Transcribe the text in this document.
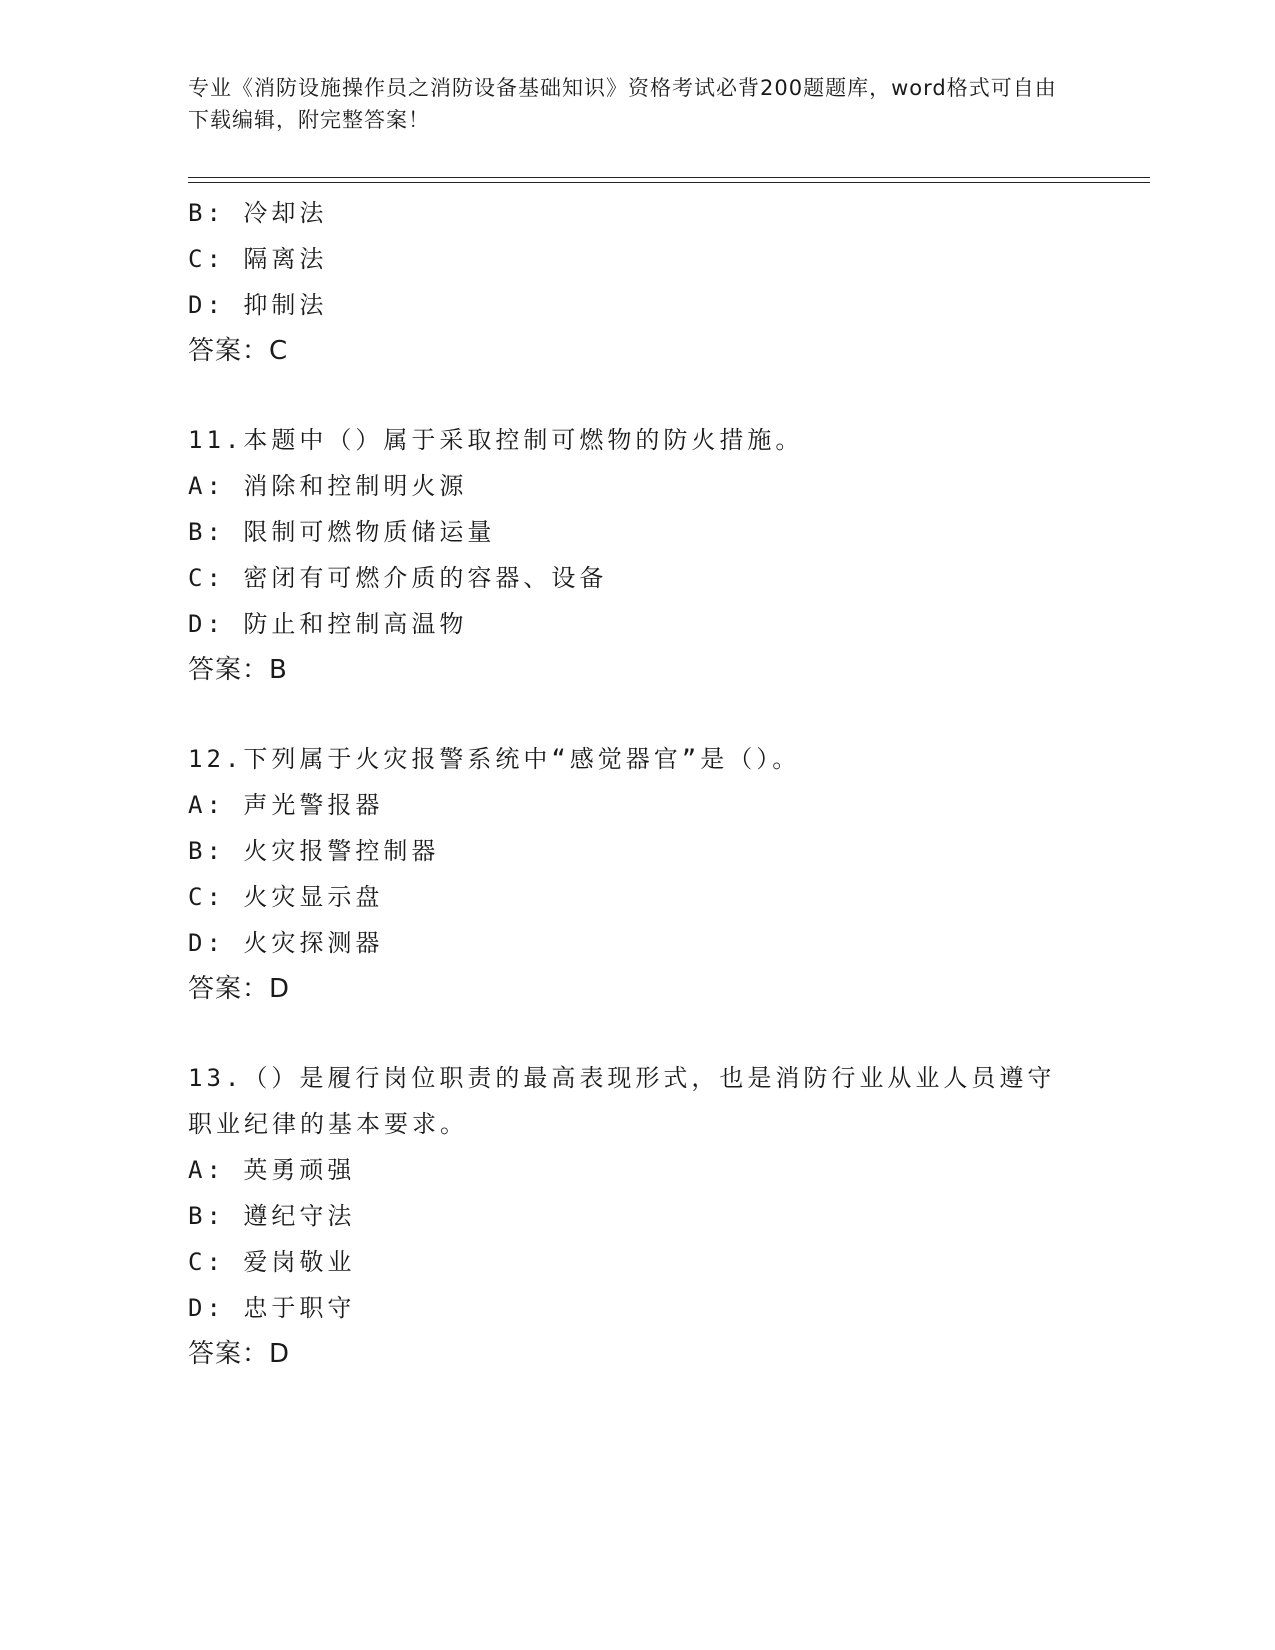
专业《消防设施操作员之消防设备基础知识》资格考试必背200题题库，word格式可自由下载编辑，附完整答案！
B: 冷却法
C: 隔离法
D: 抑制法
答案：C
11.本题中（）属于采取控制可燃物的防火措施。
A: 消除和控制明火源
B: 限制可燃物质储运量
C: 密闭有可燃介质的容器、设备
D: 防止和控制高温物
答案：B
12.下列属于火灾报警系统中“感觉器官”是（）。
A: 声光警报器
B: 火灾报警控制器
C: 火灾显示盘
D: 火灾探测器
答案：D
13.（）是履行岗位职责的最高表现形式，也是消防行业从业人员遵守
职业纪律的基本要求。
A: 英勇顽强
B: 遵纪守法
C: 爱岗敬业
D: 忠于职守
答案：D
